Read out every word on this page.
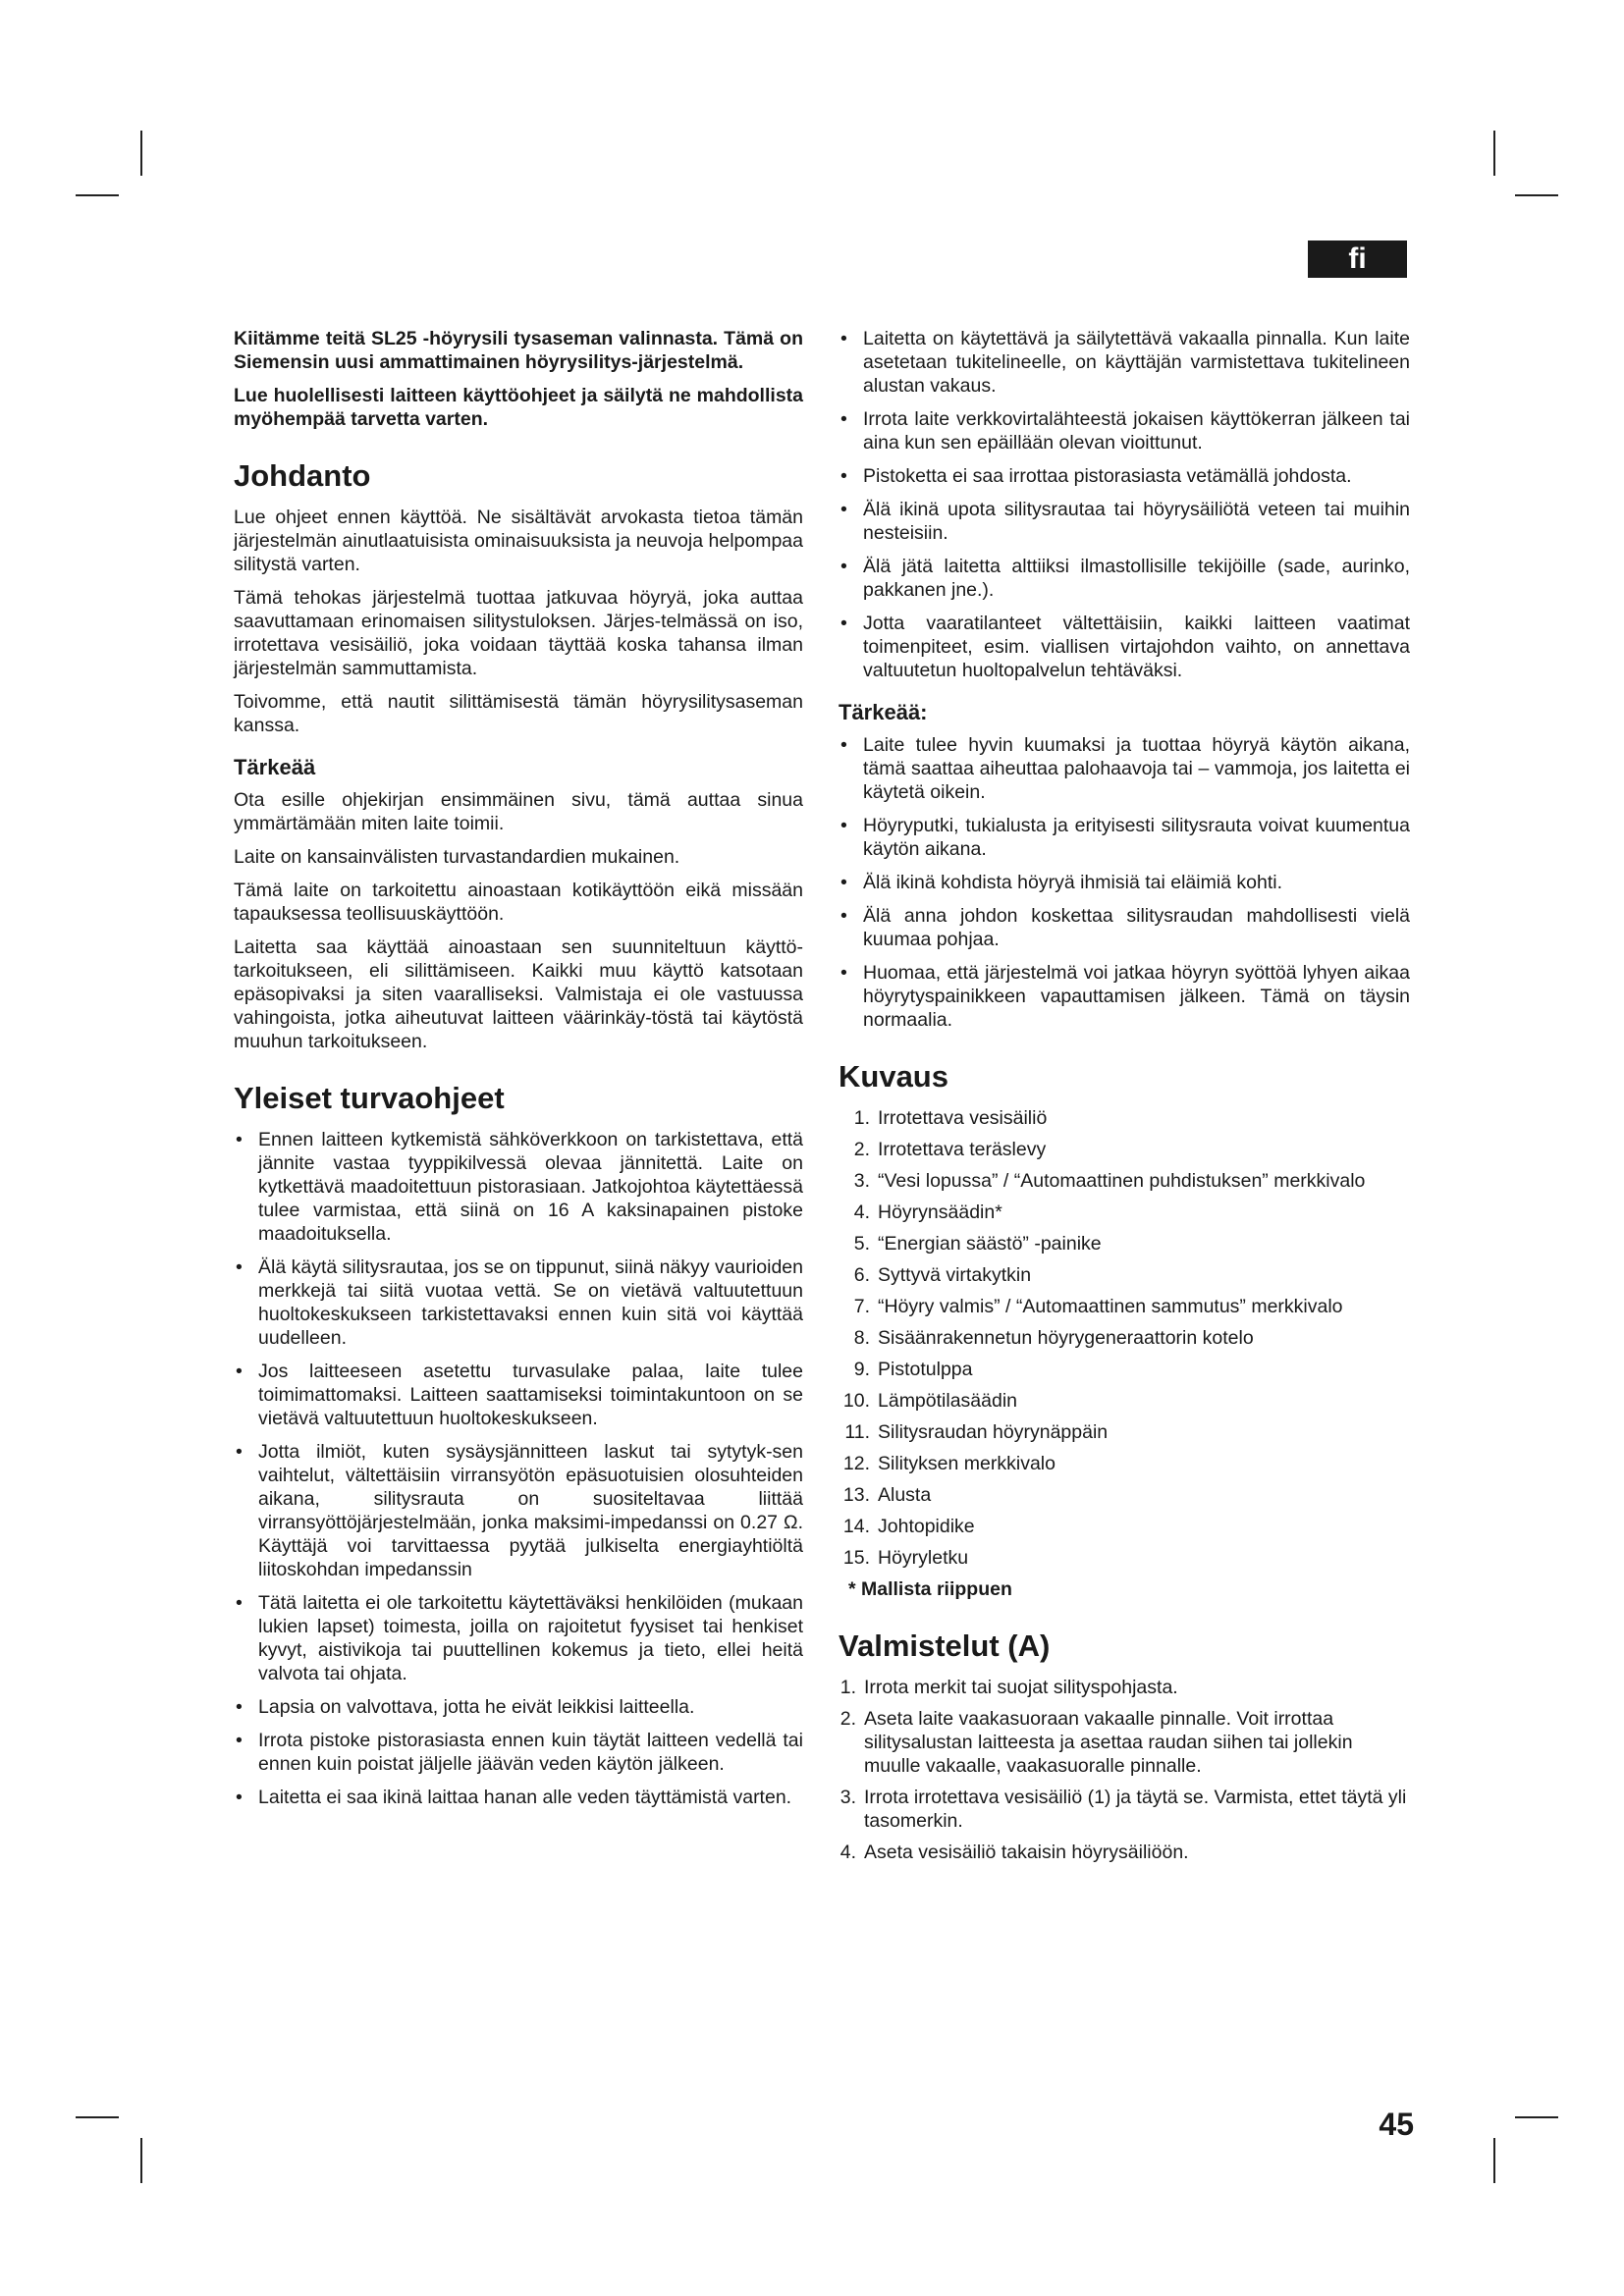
fi

Kiitämme teitä SL25 -höyrysili tysaseman valinnasta. Tämä on Siemensin uusi ammattimainen höyrysilitys-järjestelmä.

Lue huolellisesti laitteen käyttöohjeet ja säilytä ne mahdollista myöhempää tarvetta varten.

Johdanto

Lue ohjeet ennen käyttöä. Ne sisältävät arvokasta tietoa tämän järjestelmän ainutlaatuisista ominaisuuksista ja neuvoja helpompaa silitystä varten.

Tämä tehokas järjestelmä tuottaa jatkuvaa höyryä, joka auttaa saavuttamaan erinomaisen silitystuloksen. Järjes-telmässä on iso, irrotettava vesisäiliö, joka voidaan täyttää koska tahansa ilman järjestelmän sammuttamista.

Toivomme, että nautit silittämisestä tämän höyrysilitysaseman kanssa.

Tärkeää

Ota esille ohjekirjan ensimmäinen sivu, tämä auttaa sinua ymmärtämään miten laite toimii.

Laite on kansainvälisten turvastandardien mukainen.

Tämä laite on tarkoitettu ainoastaan kotikäyttöön eikä missään tapauksessa teollisuuskäyttöön.

Laitetta saa käyttää ainoastaan sen suunniteltuun käyttö-tarkoitukseen, eli silittämiseen. Kaikki muu käyttö katsotaan epäsopivaksi ja siten vaaralliseksi. Valmistaja ei ole vastuussa vahingoista, jotka aiheutuvat laitteen väärinkäy-töstä tai käytöstä muuhun tarkoitukseen.

Yleiset turvaohjeet
• Ennen laitteen kytkemistä sähköverkkoon on tarkistettava, että jännite vastaa tyyppikilvessä olevaa jännitettä. Laite on kytkettävä maadoitettuun pistorasiaan. Jatkojohtoa käytettäessä tulee varmistaa, että siinä on 16 A kaksinapainen pistoke maadoituksella.
• Älä käytä silitysrautaa, jos se on tippunut, siinä näkyy vaurioiden merkkejä tai siitä vuotaa vettä. Se on vietävä valtuutettuun huoltokeskukseen tarkistettavaksi ennen kuin sitä voi käyttää uudelleen.
• Jos laitteeseen asetettu turvasulake palaa, laite tulee toimimattomaksi. Laitteen saattamiseksi toimintakuntoon on se vietävä valtuutettuun huoltokeskukseen.
• Jotta ilmiöt, kuten sysäysjännitteen laskut tai sytytyk-sen vaihtelut, vältettäisiin virransyötön epäsuotuisien olosuhteiden aikana, silitysrauta on suositeltavaa liittää virransyöttöjärjestelmään, jonka maksimi-impedanssi on 0.27 Ω. Käyttäjä voi tarvittaessa pyytää julkiselta energiayhtiöltä liitoskohdan impedanssin
• Tätä laitetta ei ole tarkoitettu käytettäväksi henkilöiden (mukaan lukien lapset) toimesta, joilla on rajoitetut fyysiset tai henkiset kyvyt, aistivikoja tai puuttellinen kokemus ja tieto, ellei heitä valvota tai ohjata.
• Lapsia on valvottava, jotta he eivät leikkisi laitteella.
• Irrota pistoke pistorasiasta ennen kuin täytät laitteen vedellä tai ennen kuin poistat jäljelle jäävän veden käytön jälkeen.
• Laitetta ei saa ikinä laittaa hanan alle veden täyttämistä varten.
• Laitetta on käytettävä ja säilytettävä vakaalla pinnalla. Kun laite asetetaan tukitelineelle, on käyttäjän varmistettava tukitelineen alustan vakaus.
• Irrota laite verkkovirtalähteestä jokaisen käyttökerran jälkeen tai aina kun sen epäillään olevan vioittunut.
• Pistoketta ei saa irrottaa pistorasiasta vetämällä johdosta.
• Älä ikinä upota silitysrautaa tai höyrysäiliötä veteen tai muihin nesteisiin.
• Älä jätä laitetta alttiiksi ilmastollisille tekijöille (sade, aurinko, pakkanen jne.).
• Jotta vaaratilanteet vältettäisiin, kaikki laitteen vaatimat toimenpiteet, esim. viallisen virtajohdon vaihto, on annettava valtuutetun huoltopalvelun tehtäväksi.
Tärkeää:
• Laite tulee hyvin kuumaksi ja tuottaa höyryä käytön aikana, tämä saattaa aiheuttaa palohaavoja tai – vammoja, jos laitetta ei käytetä oikein.
• Höyryputki, tukialusta ja erityisesti silitysrauta voivat kuumentua käytön aikana.
• Älä ikinä kohdista höyryä ihmisiä tai eläimiä kohti.
• Älä anna johdon koskettaa silitysraudan mahdollisesti vielä kuumaa pohjaa.
• Huomaa, että järjestelmä voi jatkaa höyryn syöttöä lyhyen aikaa höyrytyspainikkeen vapauttamisen jälkeen. Tämä on täysin normaalia.
Kuvaus
1. Irrotettava vesisäiliö
2. Irrotettava teräslevy
3. “Vesi lopussa” / “Automaattinen puhdistuksen” merkkivalo
4. Höyrynsäädin*
5. “Energian säästö” -painike
6. Syttyvä virtakytkin
7. “Höyry valmis” / “Automaattinen sammutus” merkkivalo
8. Sisäänrakennetun höyrygeneraattorin kotelo
9. Pistotulppa
10. Lämpötilasäädin
11. Silitysraudan höyrynäppäin
12. Silityksen merkkivalo
13. Alusta
14. Johtopidike
15. Höyryletku
* Mallista riippuen
Valmistelut (A)
1. Irrota merkit tai suojat silityspohjasta.
2. Aseta laite vaakasuoraan vakaalle pinnalle. Voit irrottaa silitysalustan laitteesta ja asettaa raudan siihen tai jollekin muulle vakaalle, vaakasuoralle pinnalle.
3. Irrota irrotettava vesisäiliö (1) ja täytä se. Varmista, ettet täytä yli tasomerkin.
4. Aseta vesisäiliö takaisin höyrysäiliöön.
45
